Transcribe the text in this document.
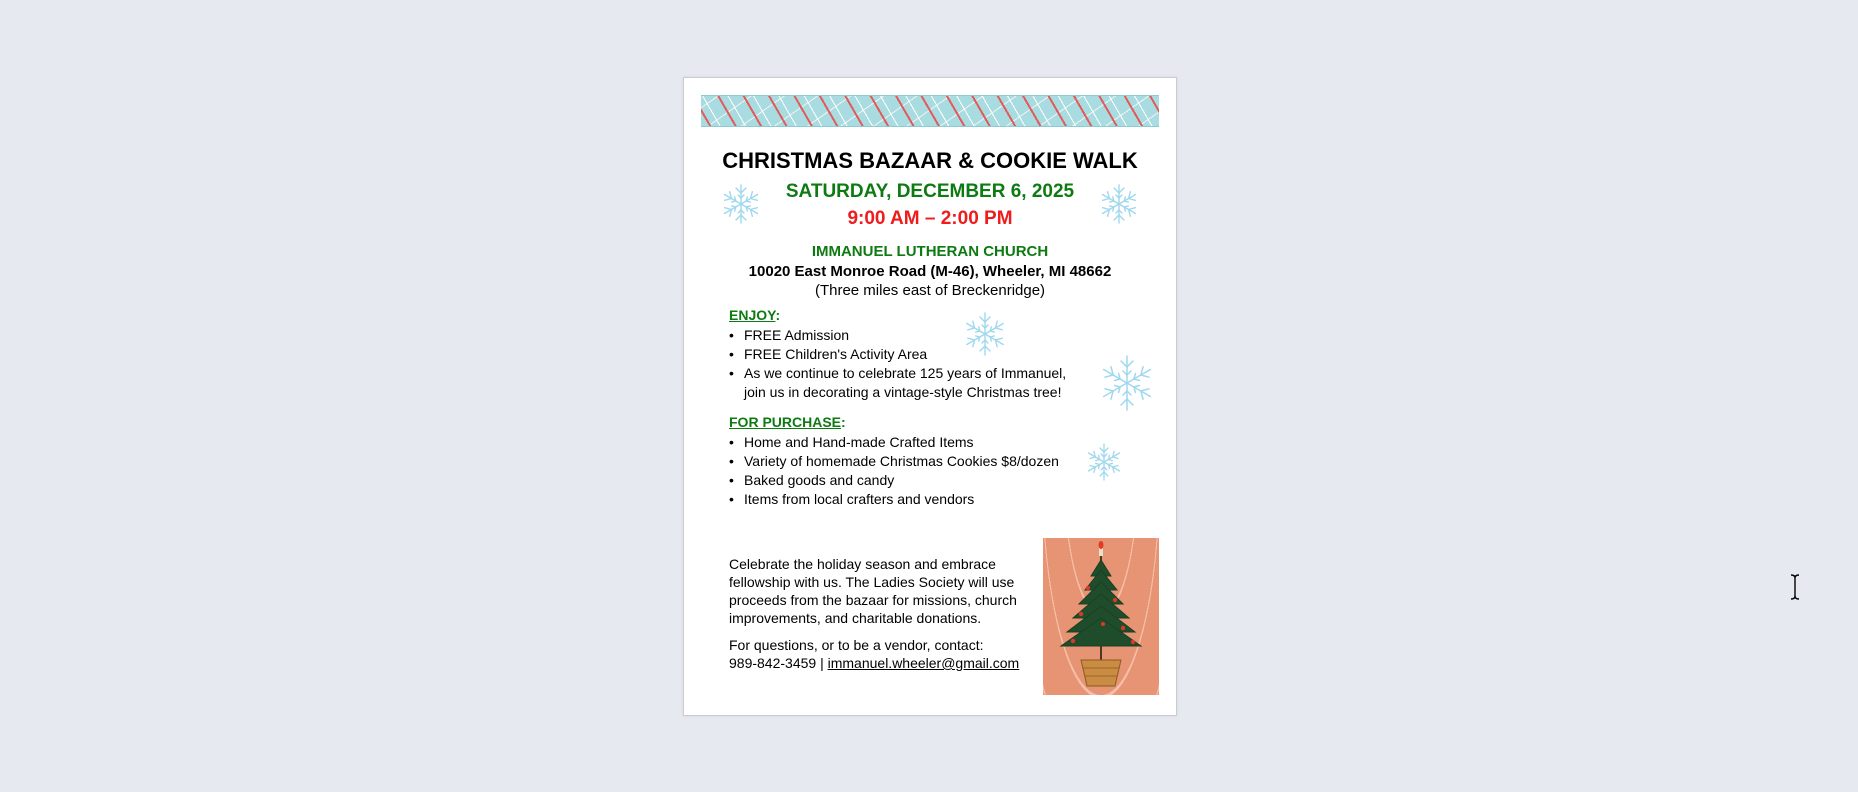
CHRISTMAS BAZAAR & COOKIE WALK
SATURDAY, DECEMBER 6, 2025
9:00 AM – 2:00 PM
IMMANUEL LUTHERAN CHURCH
10020 East Monroe Road (M-46), Wheeler, MI 48662
(Three miles east of Breckenridge)
ENJOY:
• FREE Admission
• FREE Children's Activity Area
• As we continue to celebrate 125 years of Immanuel, join us in decorating a vintage-style Christmas tree!
FOR PURCHASE:
• Home and Hand-made Crafted Items
• Variety of homemade Christmas Cookies $8/dozen
• Baked goods and candy
• Items from local crafters and vendors

Celebrate the holiday season and embrace fellowship with us. The Ladies Society will use proceeds from the bazaar for missions, church improvements, and charitable donations.

For questions, or to be a vendor, contact:
989-842-3459 | immanuel.wheeler@gmail.com
